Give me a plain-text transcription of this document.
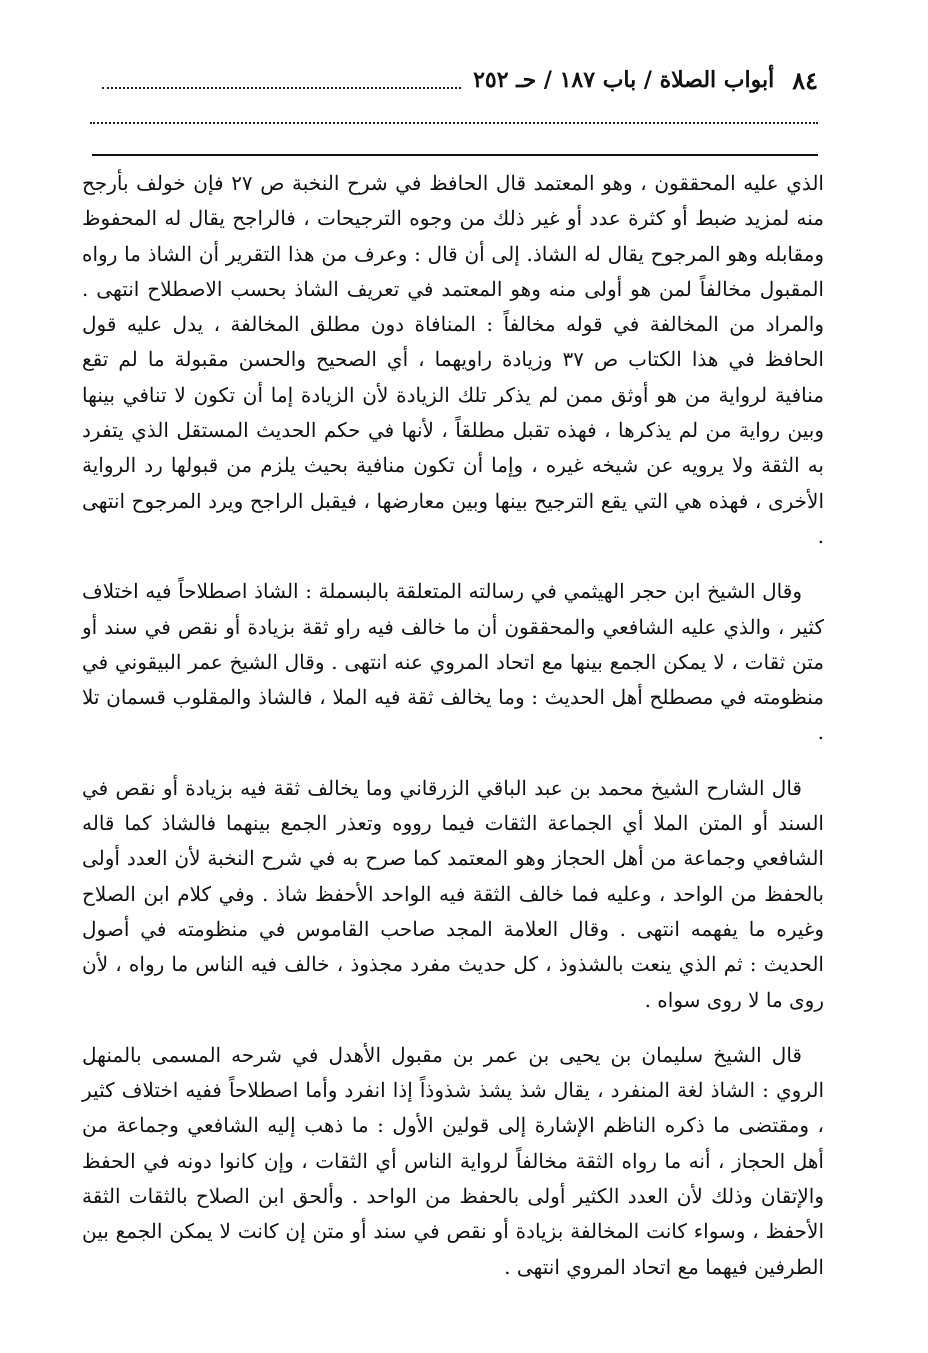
٨٤
أبواب الصلاة / باب ١٨٧ / حـ ٢٥٢

الذي عليه المحققون ، وهو المعتمد قال الحافظ في شرح النخبة ص ٢٧ فإن خولف بأرجح منه لمزيد ضبط أو كثرة عدد أو غير ذلك من وجوه الترجيحات ، فالراجح يقال له المحفوظ ومقابله وهو المرجوح يقال له الشاذ. إلى أن قال : وعرف من هذا التقرير أن الشاذ ما رواه المقبول مخالفاً لمن هو أولى منه وهو المعتمد في تعريف الشاذ بحسب الاصطلاح انتهى . والمراد من المخالفة في قوله مخالفاً : المنافاة دون مطلق المخالفة ، يدل عليه قول الحافظ في هذا الكتاب ص ٣٧ وزيادة راويهما ، أي الصحيح والحسن مقبولة ما لم تقع منافية لرواية من هو أوثق ممن لم يذكر تلك الزيادة لأن الزيادة إما أن تكون لا تنافي بينها وبين رواية من لم يذكرها ، فهذه تقبل مطلقاً ، لأنها في حكم الحديث المستقل الذي يتفرد به الثقة ولا يرويه عن شيخه غيره ، وإما أن تكون منافية بحيث يلزم من قبولها رد الرواية الأخرى ، فهذه هي التي يقع الترجيح بينها وبين معارضها ، فيقبل الراجح ويرد المرجوح انتهى .

وقال الشيخ ابن حجر الهيثمي في رسالته المتعلقة بالبسملة : الشاذ اصطلاحاً فيه اختلاف كثير ، والذي عليه الشافعي والمحققون أن ما خالف فيه راو ثقة بزيادة أو نقص في سند أو متن ثقات ، لا يمكن الجمع بينها مع اتحاد المروي عنه انتهى . وقال الشيخ عمر البيقوني في منظومته في مصطلح أهل الحديث : وما يخالف ثقة فيه الملا ، فالشاذ والمقلوب قسمان تلا .

قال الشارح الشيخ محمد بن عبد الباقي الزرقاني وما يخالف ثقة فيه بزيادة أو نقص في السند أو المتن الملا أي الجماعة الثقات فيما رووه وتعذر الجمع بينهما فالشاذ كما قاله الشافعي وجماعة من أهل الحجاز وهو المعتمد كما صرح به في شرح النخبة لأن العدد أولى بالحفظ من الواحد ، وعليه فما خالف الثقة فيه الواحد الأحفظ شاذ . وفي كلام ابن الصلاح وغيره ما يفهمه انتهى . وقال العلامة المجد صاحب القاموس في منظومته في أصول الحديث : ثم الذي ينعت بالشذوذ ، كل حديث مفرد مجذوذ ، خالف فيه الناس ما رواه ، لأن روى ما لا روى سواه .

قال الشيخ سليمان بن يحيى بن عمر بن مقبول الأهدل في شرحه المسمى بالمنهل الروي : الشاذ لغة المنفرد ، يقال شذ يشذ شذوذاً إذا انفرد وأما اصطلاحاً ففيه اختلاف كثير ، ومقتضى ما ذكره الناظم الإشارة إلى قولين الأول : ما ذهب إليه الشافعي وجماعة من أهل الحجاز ، أنه ما رواه الثقة مخالفاً لرواية الناس أي الثقات ، وإن كانوا دونه في الحفظ والإتقان وذلك لأن العدد الكثير أولى بالحفظ من الواحد . وألحق ابن الصلاح بالثقات الثقة الأحفظ ، وسواء كانت المخالفة بزيادة أو نقص في سند أو متن إن كانت لا يمكن الجمع بين الطرفين فيهما مع اتحاد المروي انتهى .
